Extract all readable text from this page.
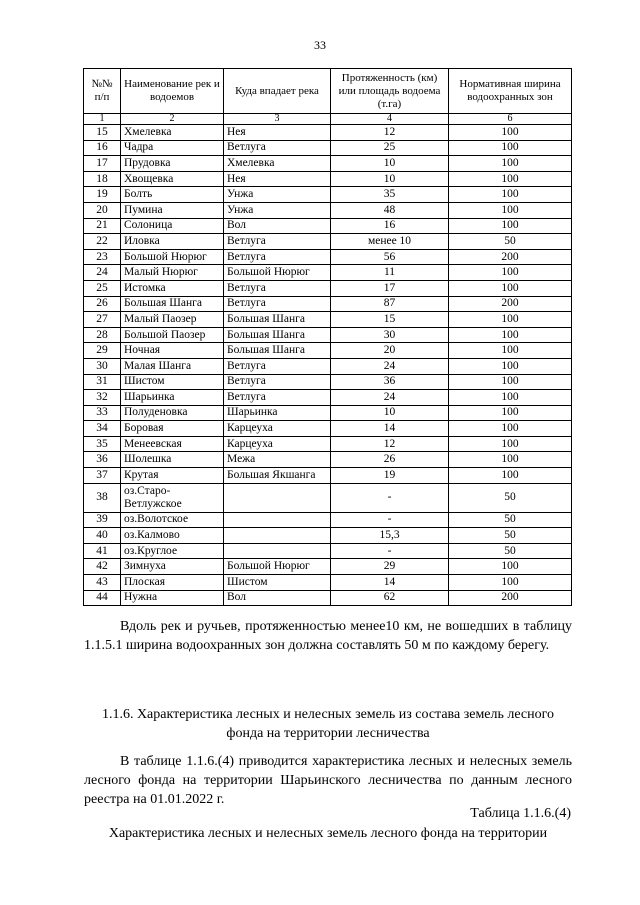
33
№№ п/п	Наименование рек и водоемов	Куда впадает река	Протяженность (км) или площадь водоема (т.га)	Нормативная ширина водоохранных зон
1	2	3	4	6
15	Хмелевка	Нея	12	100
16	Чадра	Ветлуга	25	100
17	Прудовка	Хмелевка	10	100
18	Хвощевка	Нея	10	100
19	Болть	Унжа	35	100
20	Пумина	Унжа	48	100
21	Солоница	Вол	16	100
22	Иловка	Ветлуга	менее 10	50
23	Большой Нюрюг	Ветлуга	56	200
24	Малый Нюрюг	Большой Нюрюг	11	100
25	Истомка	Ветлуга	17	100
26	Большая Шанга	Ветлуга	87	200
27	Малый Паозер	Большая Шанга	15	100
28	Большой Паозер	Большая Шанга	30	100
29	Ночная	Большая Шанга	20	100
30	Малая Шанга	Ветлуга	24	100
31	Шистом	Ветлуга	36	100
32	Шарьинка	Ветлуга	24	100
33	Полуденовка	Шарьинка	10	100
34	Боровая	Карцеуха	14	100
35	Менеевская	Карцеуха	12	100
36	Шолешка	Межа	26	100
37	Крутая	Большая Якшанга	19	100
38	оз.Старо-Ветлужское		-	50
39	оз.Волотское		-	50
40	оз.Калмово		15,3	50
41	оз.Круглое		-	50
42	Зимнуха	Большой Нюрюг	29	100
43	Плоская	Шистом	14	100
44	Нужна	Вол	62	200
Вдоль рек и ручьев, протяженностью менее10 км, не вошедших в таблицу 1.1.5.1 ширина водоохранных зон должна составлять 50 м по каждому берегу.
1.1.6. Характеристика лесных и нелесных земель из состава земель лесного фонда на территории лесничества
В таблице 1.1.6.(4) приводится характеристика лесных и нелесных земель лесного фонда на территории Шарьинского лесничества по данным лесного реестра на 01.01.2022 г.
Таблица 1.1.6.(4)
Характеристика лесных и нелесных земель лесного фонда на территории
